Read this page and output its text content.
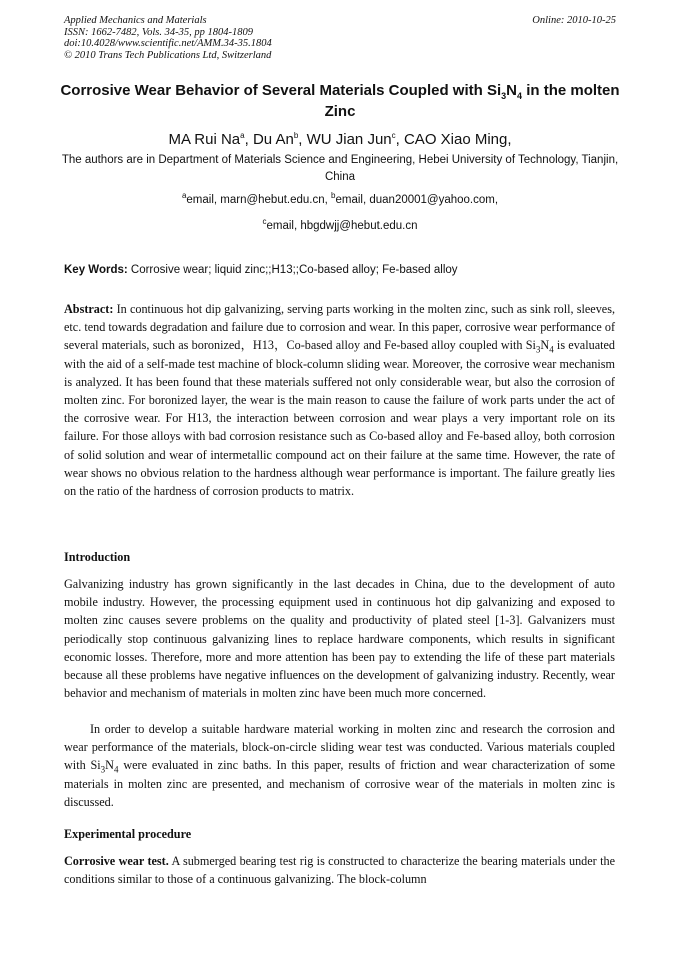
Applied Mechanics and Materials
ISSN: 1662-7482, Vols. 34-35, pp 1804-1809
doi:10.4028/www.scientific.net/AMM.34-35.1804
© 2010 Trans Tech Publications Ltd, Switzerland
Online: 2010-10-25
Corrosive Wear Behavior of Several Materials Coupled with $Si_3N_4$ in the molten Zinc
MA Rui Na$^a$, Du An$^b$, WU Jian Jun$^c$, CAO Xiao Ming,
The authors are in Department of Materials Science and Engineering, Hebei University of Technology, Tianjin, China
$^a$email, marn@hebut.edu.cn, $^b$email, duan20001@yahoo.com,
$^c$email, hbgdwjj@hebut.edu.cn
Key Words: Corrosive wear; liquid zinc;;H13;;Co-based alloy; Fe-based alloy
Abstract: In continuous hot dip galvanizing, serving parts working in the molten zinc, such as sink roll, sleeves, etc. tend towards degradation and failure due to corrosion and wear. In this paper, corrosive wear performance of several materials, such as boronized，H13，Co-based alloy and Fe-based alloy coupled with $Si_3N_4$ is evaluated with the aid of a self-made test machine of block-column sliding wear. Moreover, the corrosive wear mechanism is analyzed. It has been found that these materials suffered not only considerable wear, but also the corrosion of molten zinc. For boronized layer, the wear is the main reason to cause the failure of work parts under the act of the corrosive wear. For H13, the interaction between corrosion and wear plays a very important role on its failure. For those alloys with bad corrosion resistance such as Co-based alloy and Fe-based alloy, both corrosion of solid solution and wear of intermetallic compound act on their failure at the same time. However, the rate of wear shows no obvious relation to the hardness although wear performance is important. The failure greatly lies on the ratio of the hardness of corrosion products to matrix.
Introduction
Galvanizing industry has grown significantly in the last decades in China, due to the development of auto mobile industry. However, the processing equipment used in continuous hot dip galvanizing and exposed to molten zinc causes severe problems on the quality and productivity of plated steel [1-3]. Galvanizers must periodically stop continuous galvanizing lines to replace hardware components, which results in significant economic losses. Therefore, more and more attention has been pay to extending the life of these part materials because all these problems have negative influences on the development of galvanizing industry. Recently, wear behavior and mechanism of materials in molten zinc have been much more concerned.
In order to develop a suitable hardware material working in molten zinc and research the corrosion and wear performance of the materials, block-on-circle sliding wear test was conducted. Various materials coupled with $Si_3N_4$ were evaluated in zinc baths. In this paper, results of friction and wear characterization of some materials in molten zinc are presented, and mechanism of corrosive wear of the materials in molten zinc is discussed.
Experimental procedure
Corrosive wear test. A submerged bearing test rig is constructed to characterize the bearing materials under the conditions similar to those of a continuous galvanizing. The block-column
